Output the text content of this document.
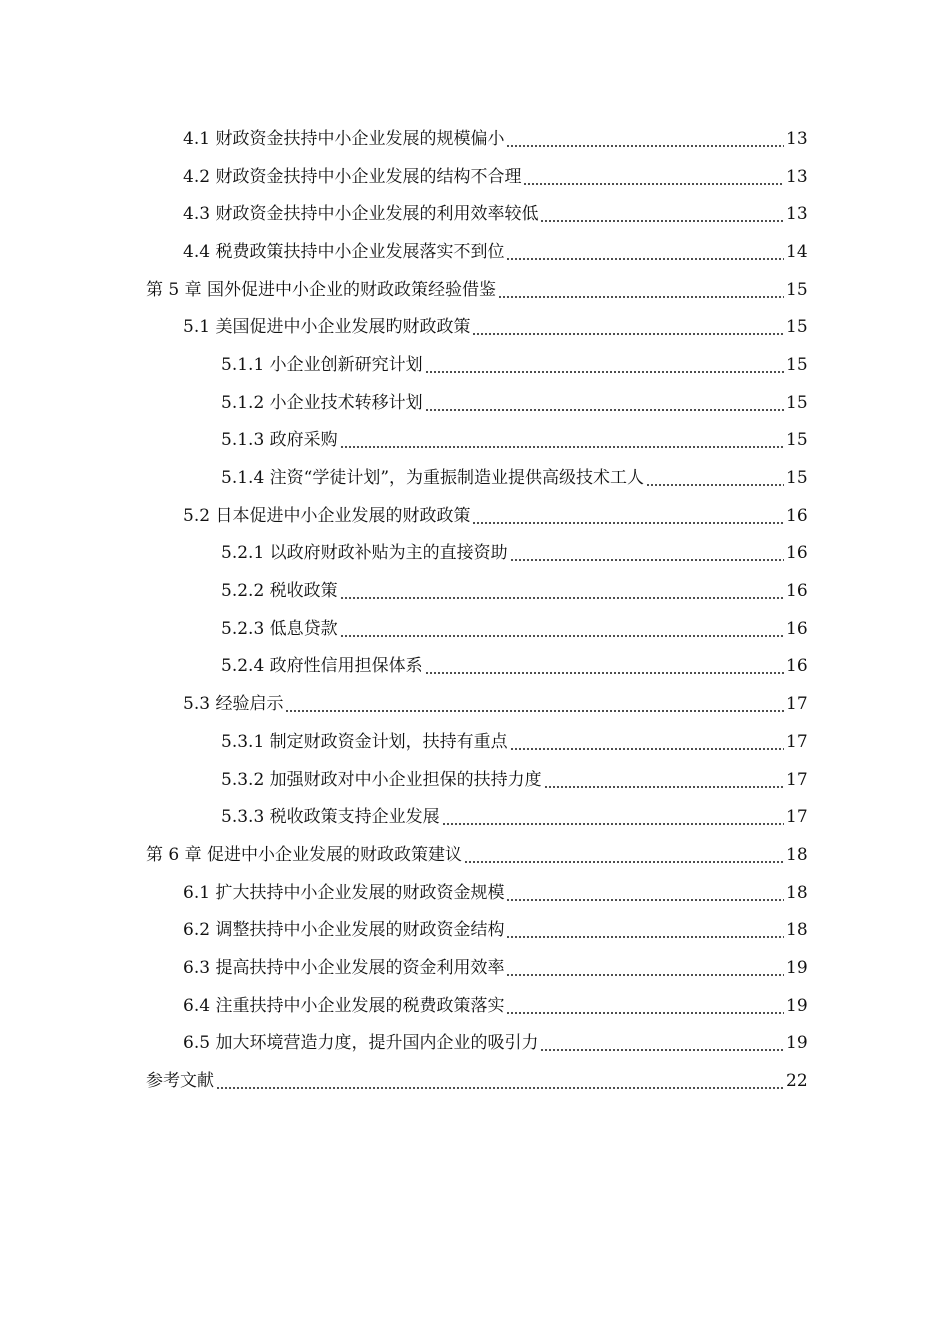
4.1 财政资金扶持中小企业发展的规模偏小	13
4.2 财政资金扶持中小企业发展的结构不合理	13
4.3 财政资金扶持中小企业发展的利用效率较低	13
4.4 税费政策扶持中小企业发展落实不到位	14
第 5 章 国外促进中小企业的财政政策经验借鉴	15
5.1 美国促进中小企业发展旳财政政策	15
5.1.1 小企业创新研究计划	15
5.1.2 小企业技术转移计划	15
5.1.3 政府采购	15
5.1.4 注资“学徒计划”，为重振制造业提供高级技术工人	15
5.2 日本促进中小企业发展的财政政策	16
5.2.1 以政府财政补贴为主的直接资助	16
5.2.2 税收政策	16
5.2.3 低息贷款	16
5.2.4 政府性信用担保体系	16
5.3 经验启示	17
5.3.1 制定财政资金计划，扶持有重点	17
5.3.2 加强财政对中小企业担保的扶持力度	17
5.3.3 税收政策支持企业发展	17
第 6 章 促进中小企业发展的财政政策建议	18
6.1 扩大扶持中小企业发展的财政资金规模	18
6.2 调整扶持中小企业发展的财政资金结构	18
6.3 提高扶持中小企业发展的资金利用效率	19
6.4 注重扶持中小企业发展的税费政策落实	19
6.5 加大环境营造力度，提升国内企业的吸引力	19
参考文献	22
